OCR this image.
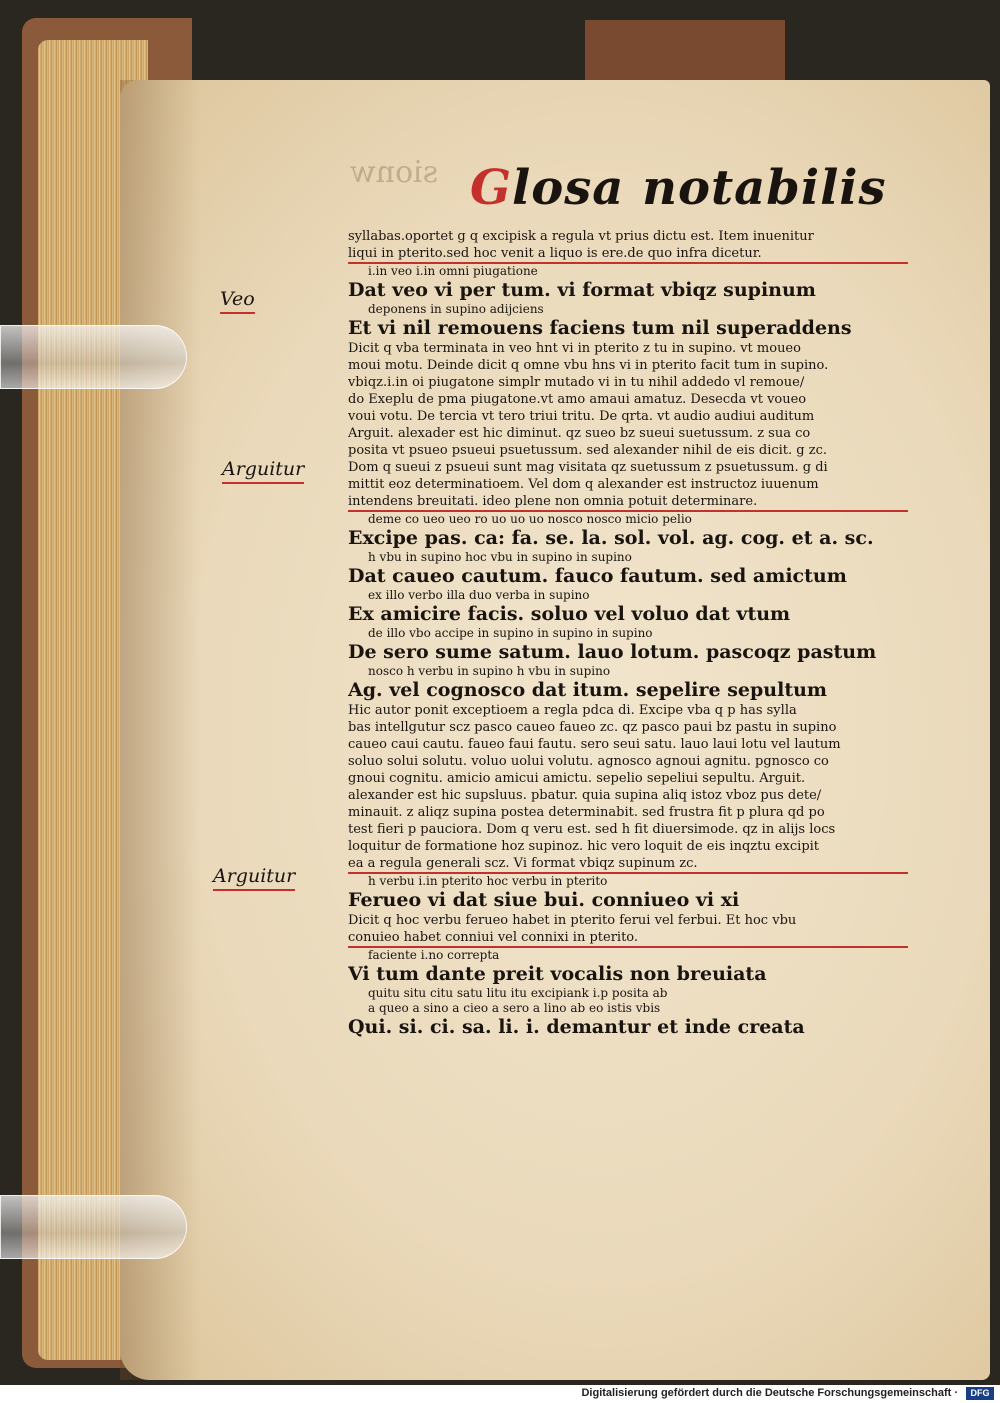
sionw Glosa notabilis
Veo
Arguitur
Arguitur
syllabas.oportet g q excipisk a regula vt prius dictu est. Item inuenitur
liqui in pterito.sed hoc venit a liquo is ere.de quo infra dicetur.
i.in veo i.in omni piugatione
Dat veo vi per tum. vi format vbiqz supinum
deponens in supino adijciens
Et vi nil remouens faciens tum nil superaddens
Dicit q vba terminata in veo hnt vi in pterito z tu in supino. vt moueo
moui motu. Deinde dicit q omne vbu hns vi in pterito facit tum in supino.
vbiqz.i.in oi piugatone simplr mutado vi in tu nihil addedo vl remoue/
do Exeplu de pma piugatone.vt amo amaui amatuz. Desecda vt voueo
voui votu. De tercia vt tero triui tritu. De qrta. vt audio audiui auditum
Arguit. alexader est hic diminut. qz sueo bz sueui suetussum. z sua co
posita vt psueo psueui psuetussum. sed alexander nihil de eis dicit. g zc.
Dom q sueui z psueui sunt mag visitata qz suetussum z psuetussum. g di
mittit eoz determinatioem. Vel dom q alexander est instructoz iuuenum
intendens breuitati. ideo plene non omnia potuit determinare.
deme co ueo ueo ro uo uo uo nosco nosco micio pelio
Excipe pas. ca: fa. se. la. sol. vol. ag. cog. et a. sc.
h vbu in supino hoc vbu in supino in supino
Dat caueo cautum. fauco fautum. sed amictum
ex illo verbo illa duo verba in supino
Ex amicire facis. soluo vel voluo dat vtum
de illo vbo accipe in supino in supino in supino
De sero sume satum. lauo lotum. pascoqz pastum
nosco h verbu in supino h vbu in supino
Ag. vel cognosco dat itum. sepelire sepultum
Hic autor ponit exceptioem a regla pdca di. Excipe vba q p has sylla
bas intellgutur scz pasco caueo faueo zc. qz pasco paui bz pastu in supino
caueo caui cautu. faueo faui fautu. sero seui satu. lauo laui lotu vel lautum
soluo solui solutu. voluo uolui volutu. agnosco agnoui agnitu. pgnosco co
gnoui cognitu. amicio amicui amictu. sepelio sepeliui sepultu. Arguit.
alexander est hic supsluus. pbatur. quia supina aliq istoz vboz pus dete/
minauit. z aliqz supina postea determinabit. sed frustra fit p plura qd po
test fieri p pauciora. Dom q veru est. sed h fit diuersimode. qz in alijs locs
loquitur de formatione hoz supinoz. hic vero loquit de eis inqztu excipit
ea a regula generali scz. Vi format vbiqz supinum zc.
h verbu i.in pterito hoc verbu in pterito
Ferueo vi dat siue bui. conniueo vi xi
Dicit q hoc verbu ferueo habet in pterito ferui vel ferbui. Et hoc vbu
conuieo habet conniui vel connixi in pterito.
faciente i.no correpta
Vi tum dante preit vocalis non breuiata
quitu situ citu satu litu itu excipiank i.p posita ab
a queo a sino a cieo a sero a lino ab eo istis vbis
Qui. si. ci. sa. li. i. demantur et inde creata
Digitalisierung gefördert durch die Deutsche Forschungsgemeinschaft ·	DFG
